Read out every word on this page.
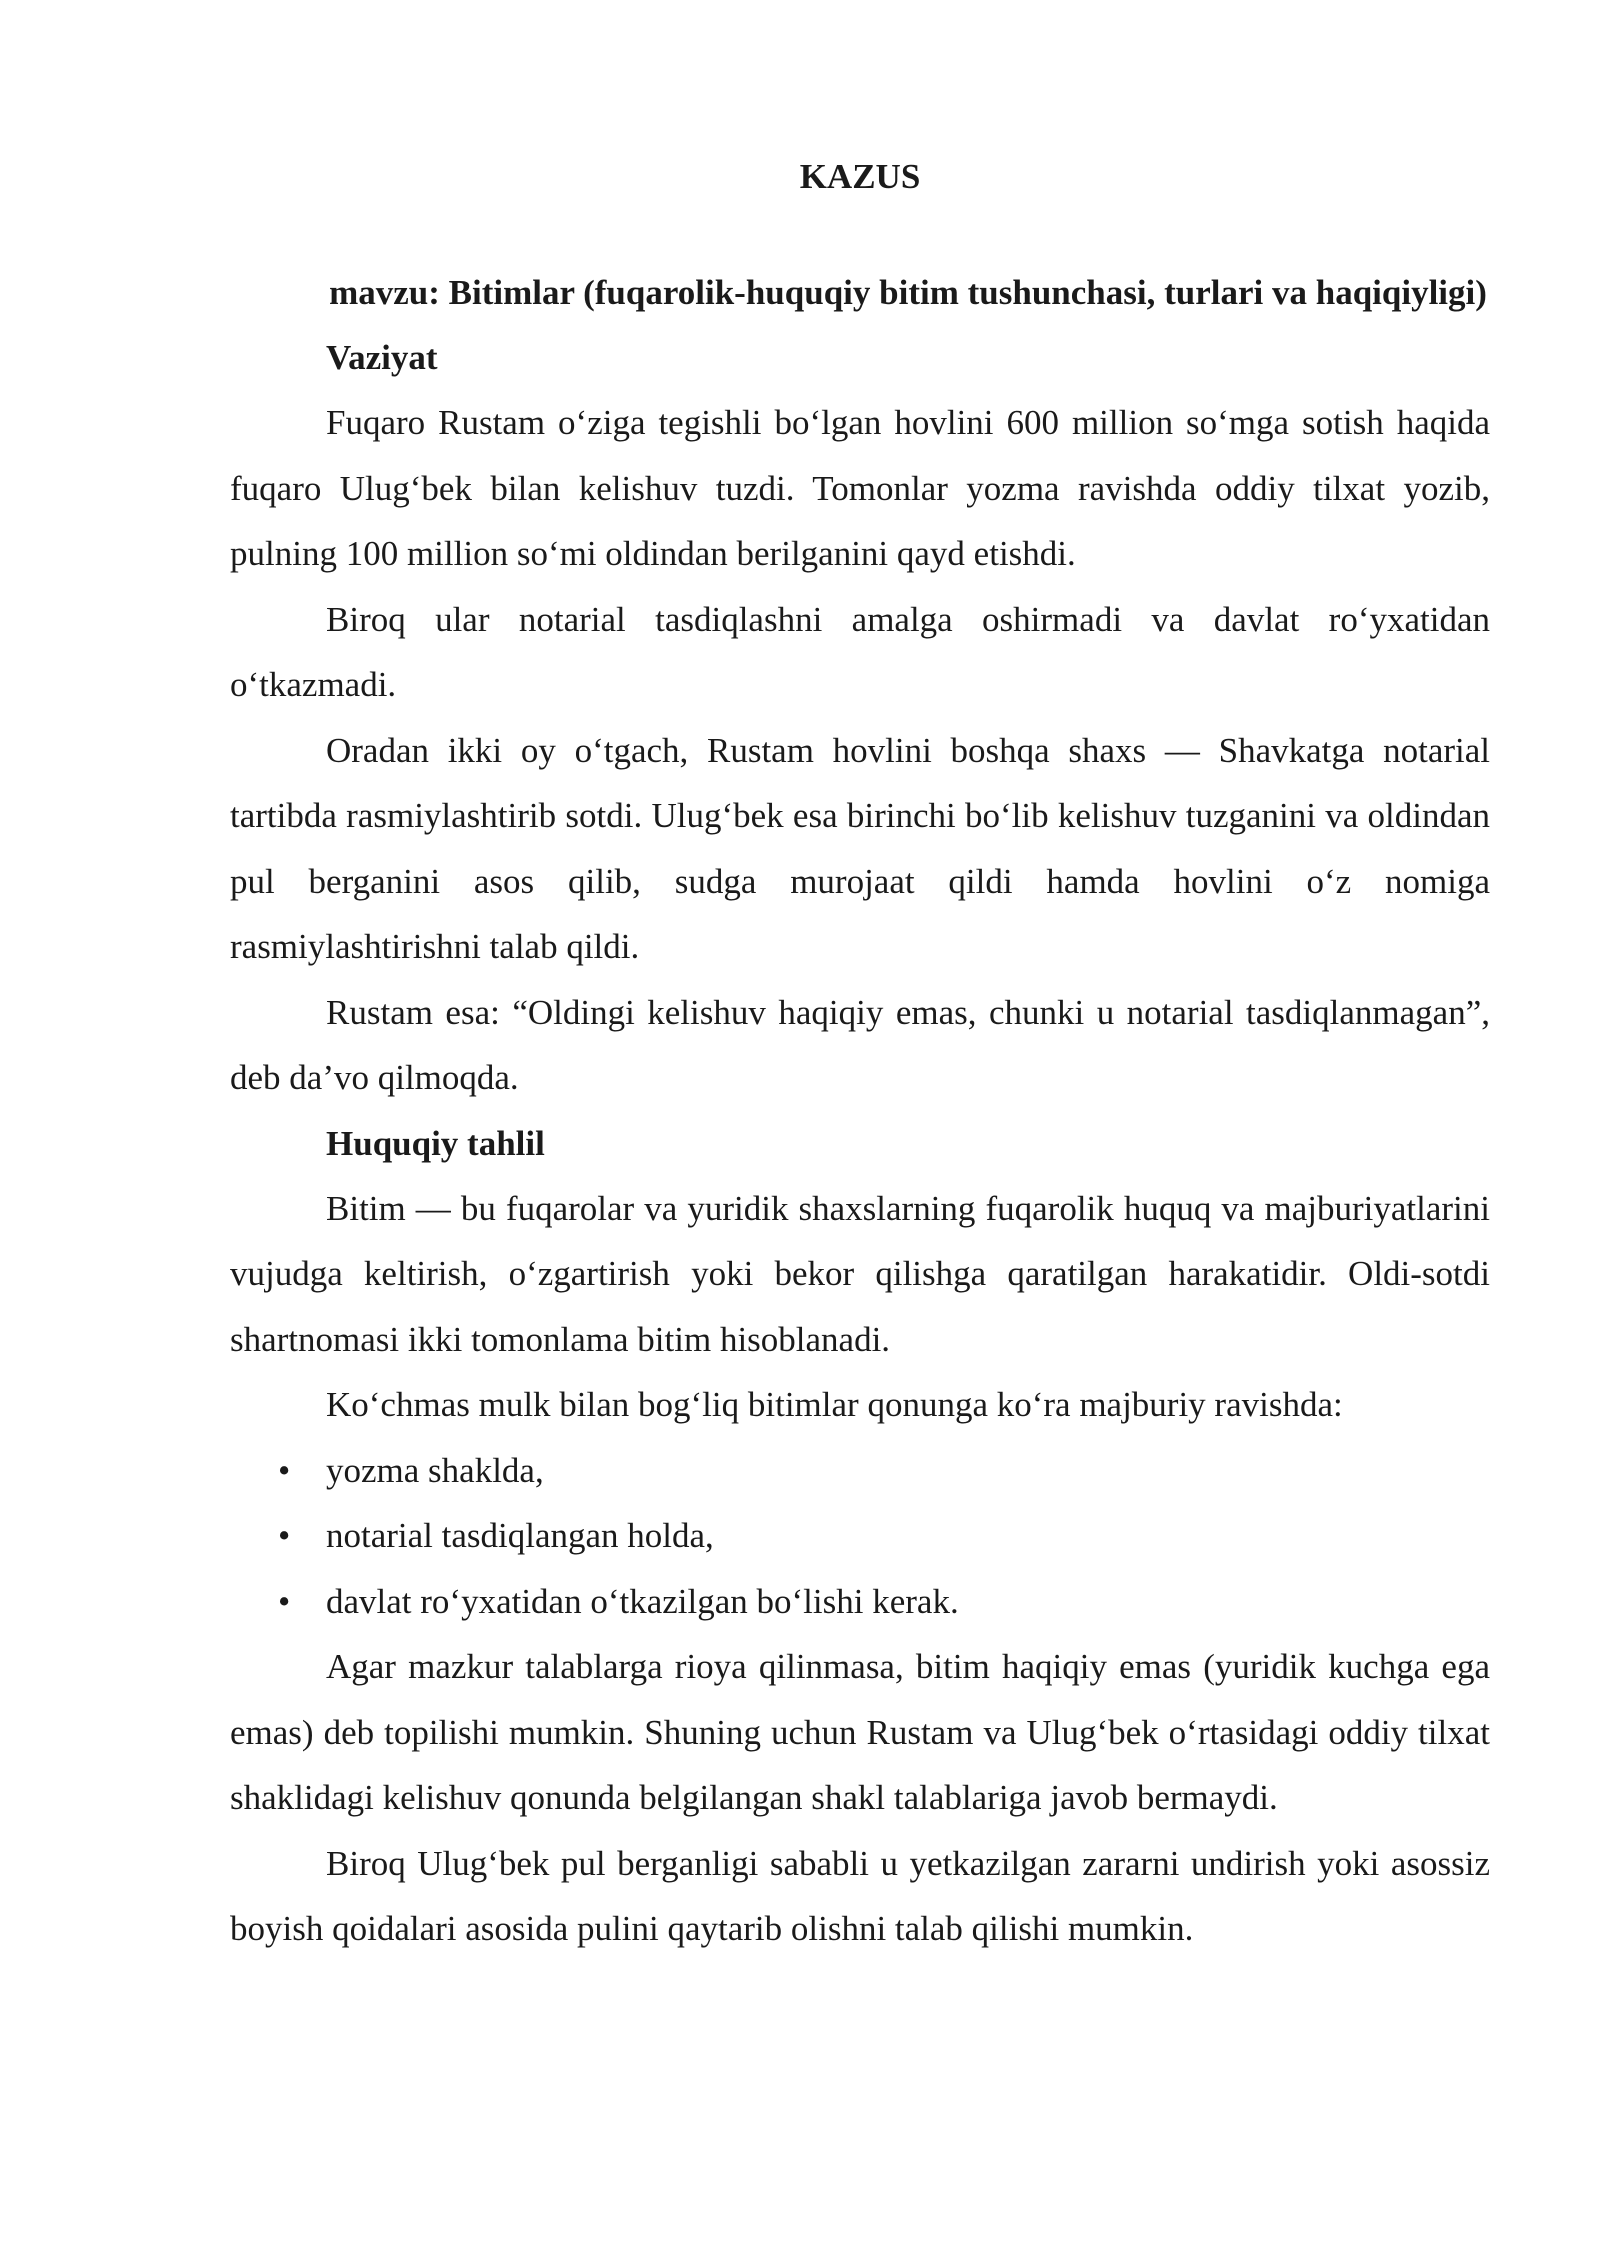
KAZUS
mavzu: Bitimlar (fuqarolik-huquqiy bitim tushunchasi, turlari va haqiqiyligi)
Vaziyat

Fuqaro Rustam o‘ziga tegishli bo‘lgan hovlini 600 million so‘mga sotish haqida fuqaro Ulug‘bek bilan kelishuv tuzdi. Tomonlar yozma ravishda oddiy tilxat yozib, pulning 100 million so‘mi oldindan berilganini qayd etishdi.

Biroq ular notarial tasdiqlashni amalga oshirmadi va davlat ro‘yxatidan o‘tkazmadi.

Oradan ikki oy o‘tgach, Rustam hovlini boshqa shaxs — Shavkatga notarial tartibda rasmiylashtirib sotdi. Ulug‘bek esa birinchi bo‘lib kelishuv tuzganini va oldindan pul berganini asos qilib, sudga murojaat qildi hamda hovlini o‘z nomiga rasmiylashtirishni talab qildi.

Rustam esa: “Oldingi kelishuv haqiqiy emas, chunki u notarial tasdiqlanmagan”, deb da’vo qilmoqda.

Huquqiy tahlil

Bitim — bu fuqarolar va yuridik shaxslarning fuqarolik huquq va majburiyatlarini vujudga keltirish, o‘zgartirish yoki bekor qilishga qaratilgan harakatidir. Oldi-sotdi shartnomasi ikki tomonlama bitim hisoblanadi.

Ko‘chmas mulk bilan bog‘liq bitimlar qonunga ko‘ra majburiy ravishda:

• yozma shaklda,
• notarial tasdiqlangan holda,
• davlat ro‘yxatidan o‘tkazilgan bo‘lishi kerak.

Agar mazkur talablarga rioya qilinmasa, bitim haqiqiy emas (yuridik kuchga ega emas) deb topilishi mumkin. Shuning uchun Rustam va Ulug‘bek o‘rtasidagi oddiy tilxat shaklidagi kelishuv qonunda belgilangan shakl talablariga javob bermaydi.

Biroq Ulug‘bek pul berganligi sababli u yetkazilgan zararni undirish yoki asossiz boyish qoidalari asosida pulini qaytarib olishni talab qilishi mumkin.
